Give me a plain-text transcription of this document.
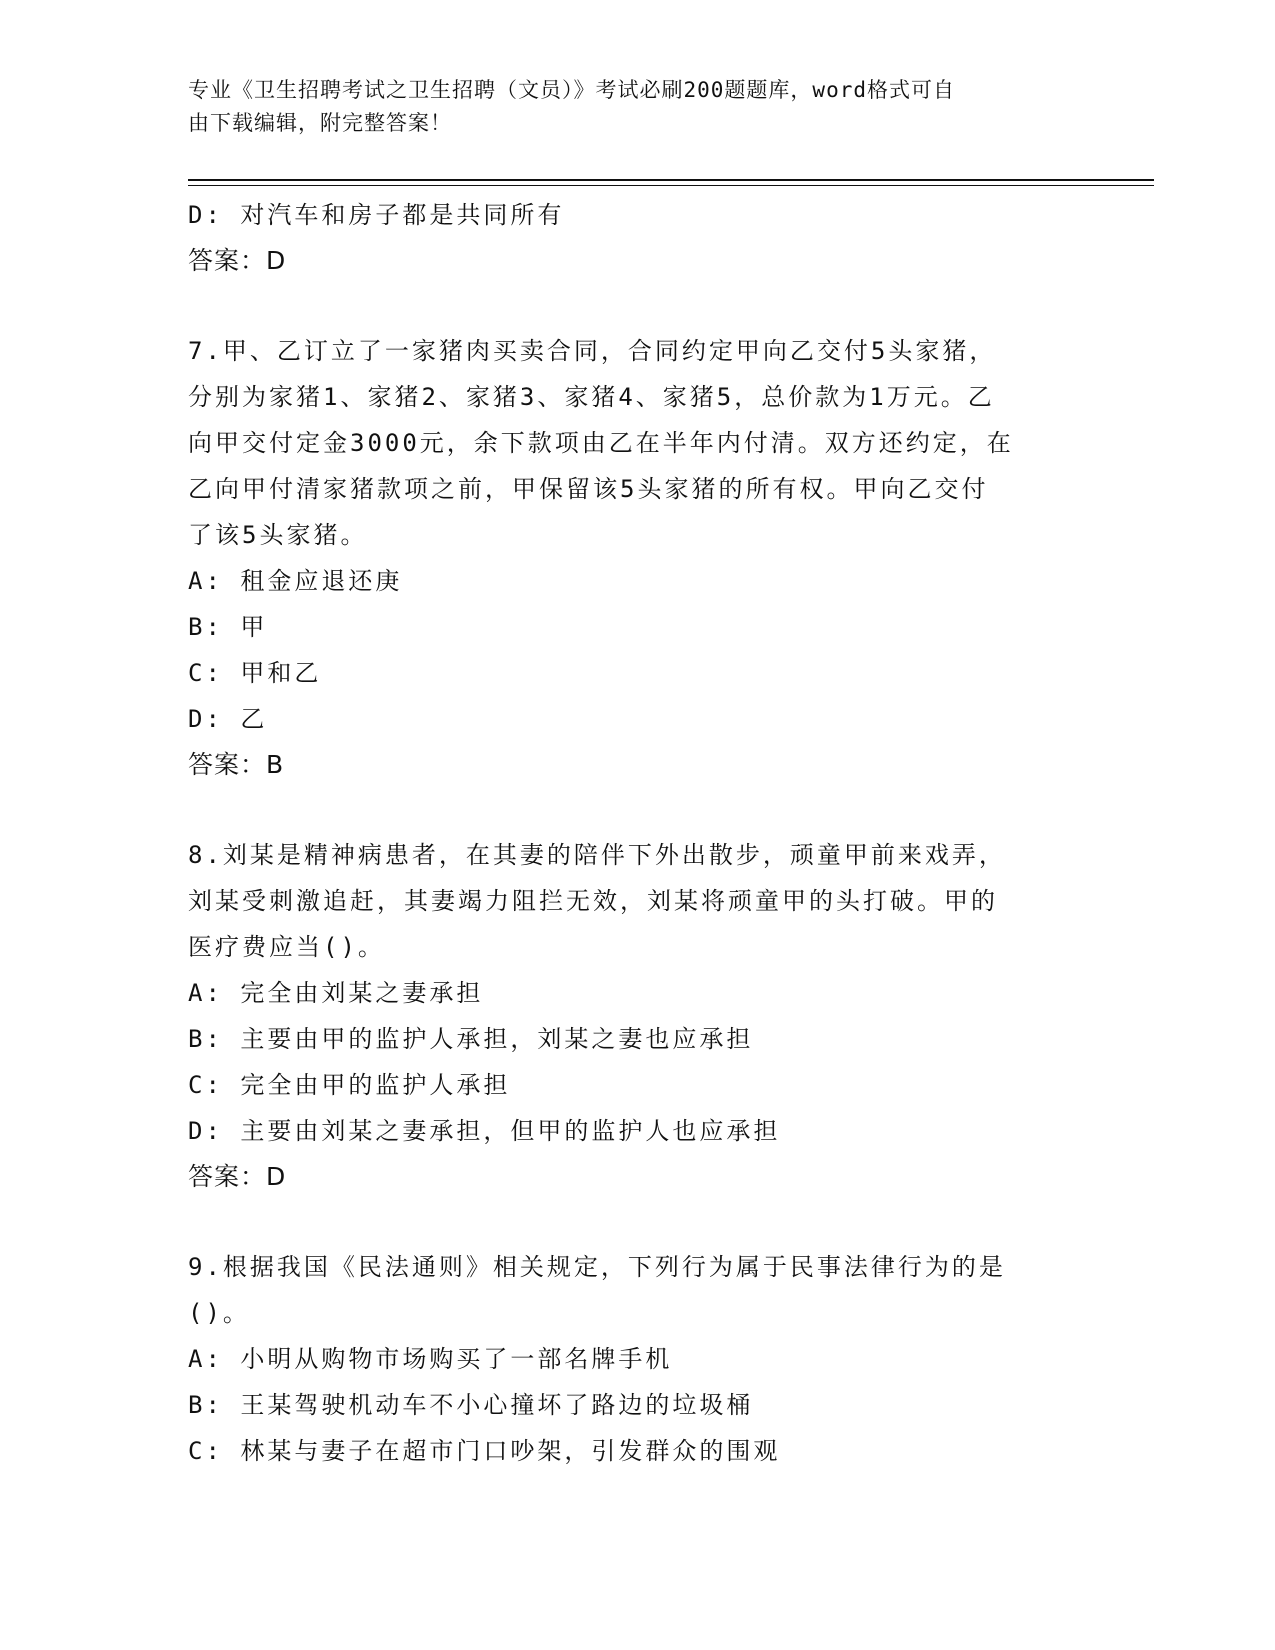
专业《卫生招聘考试之卫生招聘（文员）》考试必刷200题题库，word格式可自
由下载编辑，附完整答案！
D: 对汽车和房子都是共同所有
答案：D
7.甲、乙订立了一家猪肉买卖合同，合同约定甲向乙交付5头家猪，
分别为家猪1、家猪2、家猪3、家猪4、家猪5，总价款为1万元。乙
向甲交付定金3000元，余下款项由乙在半年内付清。双方还约定，在
乙向甲付清家猪款项之前，甲保留该5头家猪的所有权。甲向乙交付
了该5头家猪。
A: 租金应退还庚
B: 甲
C: 甲和乙
D: 乙
答案：B
8.刘某是精神病患者，在其妻的陪伴下外出散步，顽童甲前来戏弄，
刘某受刺激追赶，其妻竭力阻拦无效，刘某将顽童甲的头打破。甲的
医疗费应当()。
A: 完全由刘某之妻承担
B: 主要由甲的监护人承担，刘某之妻也应承担
C: 完全由甲的监护人承担
D: 主要由刘某之妻承担，但甲的监护人也应承担
答案：D
9.根据我国《民法通则》相关规定，下列行为属于民事法律行为的是
()。
A: 小明从购物市场购买了一部名牌手机
B: 王某驾驶机动车不小心撞坏了路边的垃圾桶
C: 林某与妻子在超市门口吵架，引发群众的围观
